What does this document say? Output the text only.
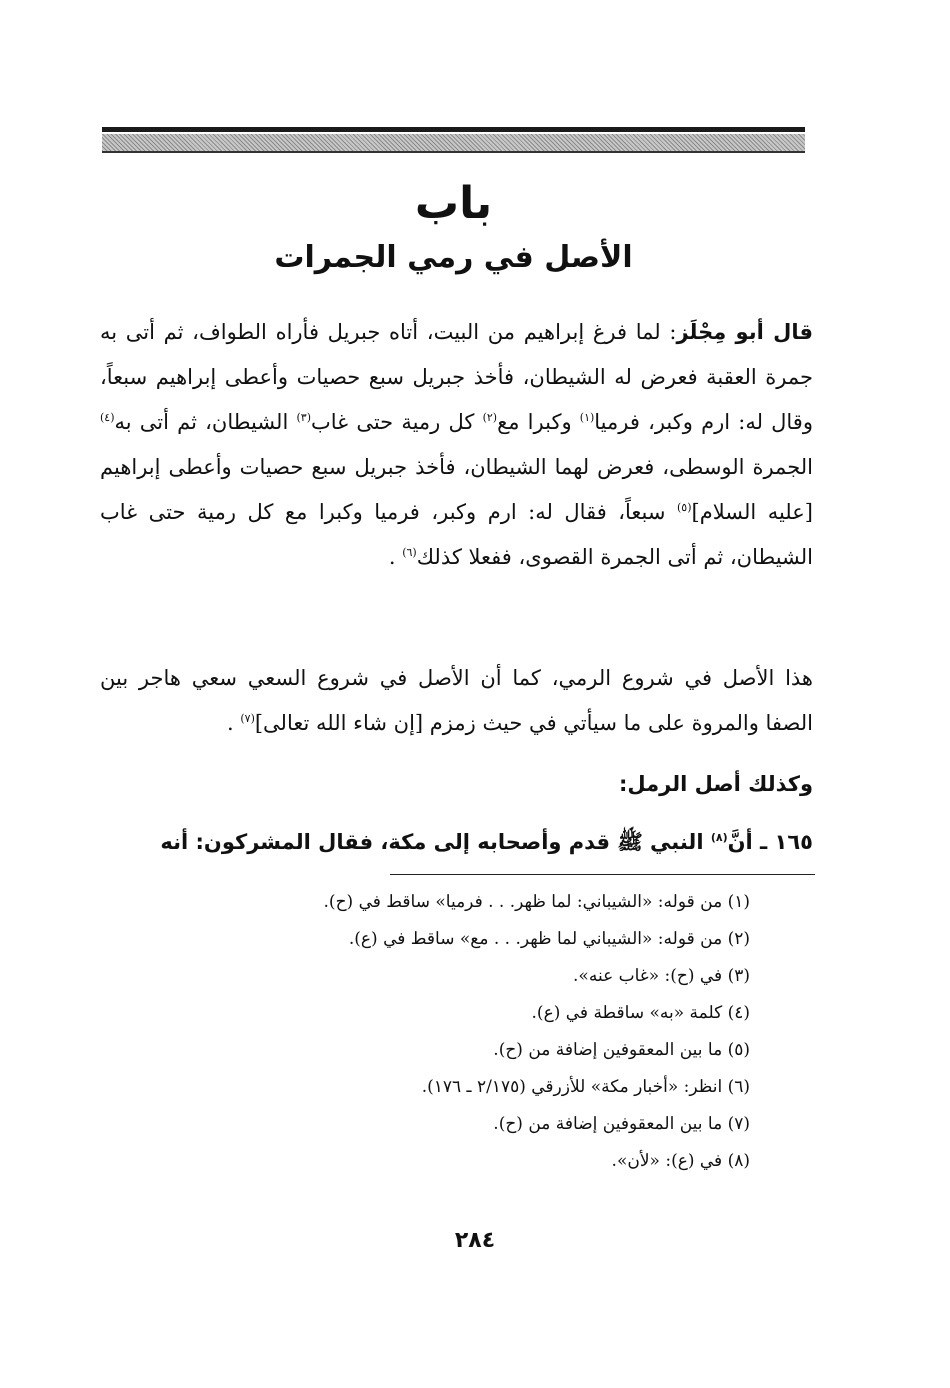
باب
الأصل في رمي الجمرات

قال أبو مِجْلَز: لما فرغ إبراهيم من البيت، أتاه جبريل فأراه الطواف، ثم أتى به جمرة العقبة فعرض له الشيطان، فأخذ جبريل سبع حصيات وأعطى إبراهيم سبعاً، وقال له: ارم وكبر، فرميا$^{(١)}$ وكبرا مع$^{(٢)}$ كل رمية حتى غاب$^{(٣)}$ الشيطان، ثم أتى به$^{(٤)}$ الجمرة الوسطى، فعرض لهما الشيطان، فأخذ جبريل سبع حصيات وأعطى إبراهيم [عليه السلام]$^{(٥)}$ سبعاً، فقال له: ارم وكبر، فرميا وكبرا مع كل رمية حتى غاب الشيطان، ثم أتى الجمرة القصوى، ففعلا كذلك$^{(٦)}$ .

هذا الأصل في شروع الرمي، كما أن الأصل في شروع السعي سعي هاجر بين الصفا والمروة على ما سيأتي في حيث زمزم [إن شاء الله تعالى]$^{(٧)}$ .

وكذلك أصل الرمل:

١٦٥ ـ أنَّ$^{(٨)}$ النبي ﷺ قدم وأصحابه إلى مكة، فقال المشركون: أنه

(١) من قوله: «الشيباني: لما ظهر. . . فرميا» ساقط في (ح).
(٢) من قوله: «الشيباني لما ظهر. . . مع» ساقط في (ع).
(٣) في (ح): «غاب عنه».
(٤) كلمة «به» ساقطة في (ع).
(٥) ما بين المعقوفين إضافة من (ح).
(٦) انظر: «أخبار مكة» للأزرقي (٢/١٧٥ ـ ١٧٦).
(٧) ما بين المعقوفين إضافة من (ح).
(٨) في (ع): «لأن».
٢٨٤
